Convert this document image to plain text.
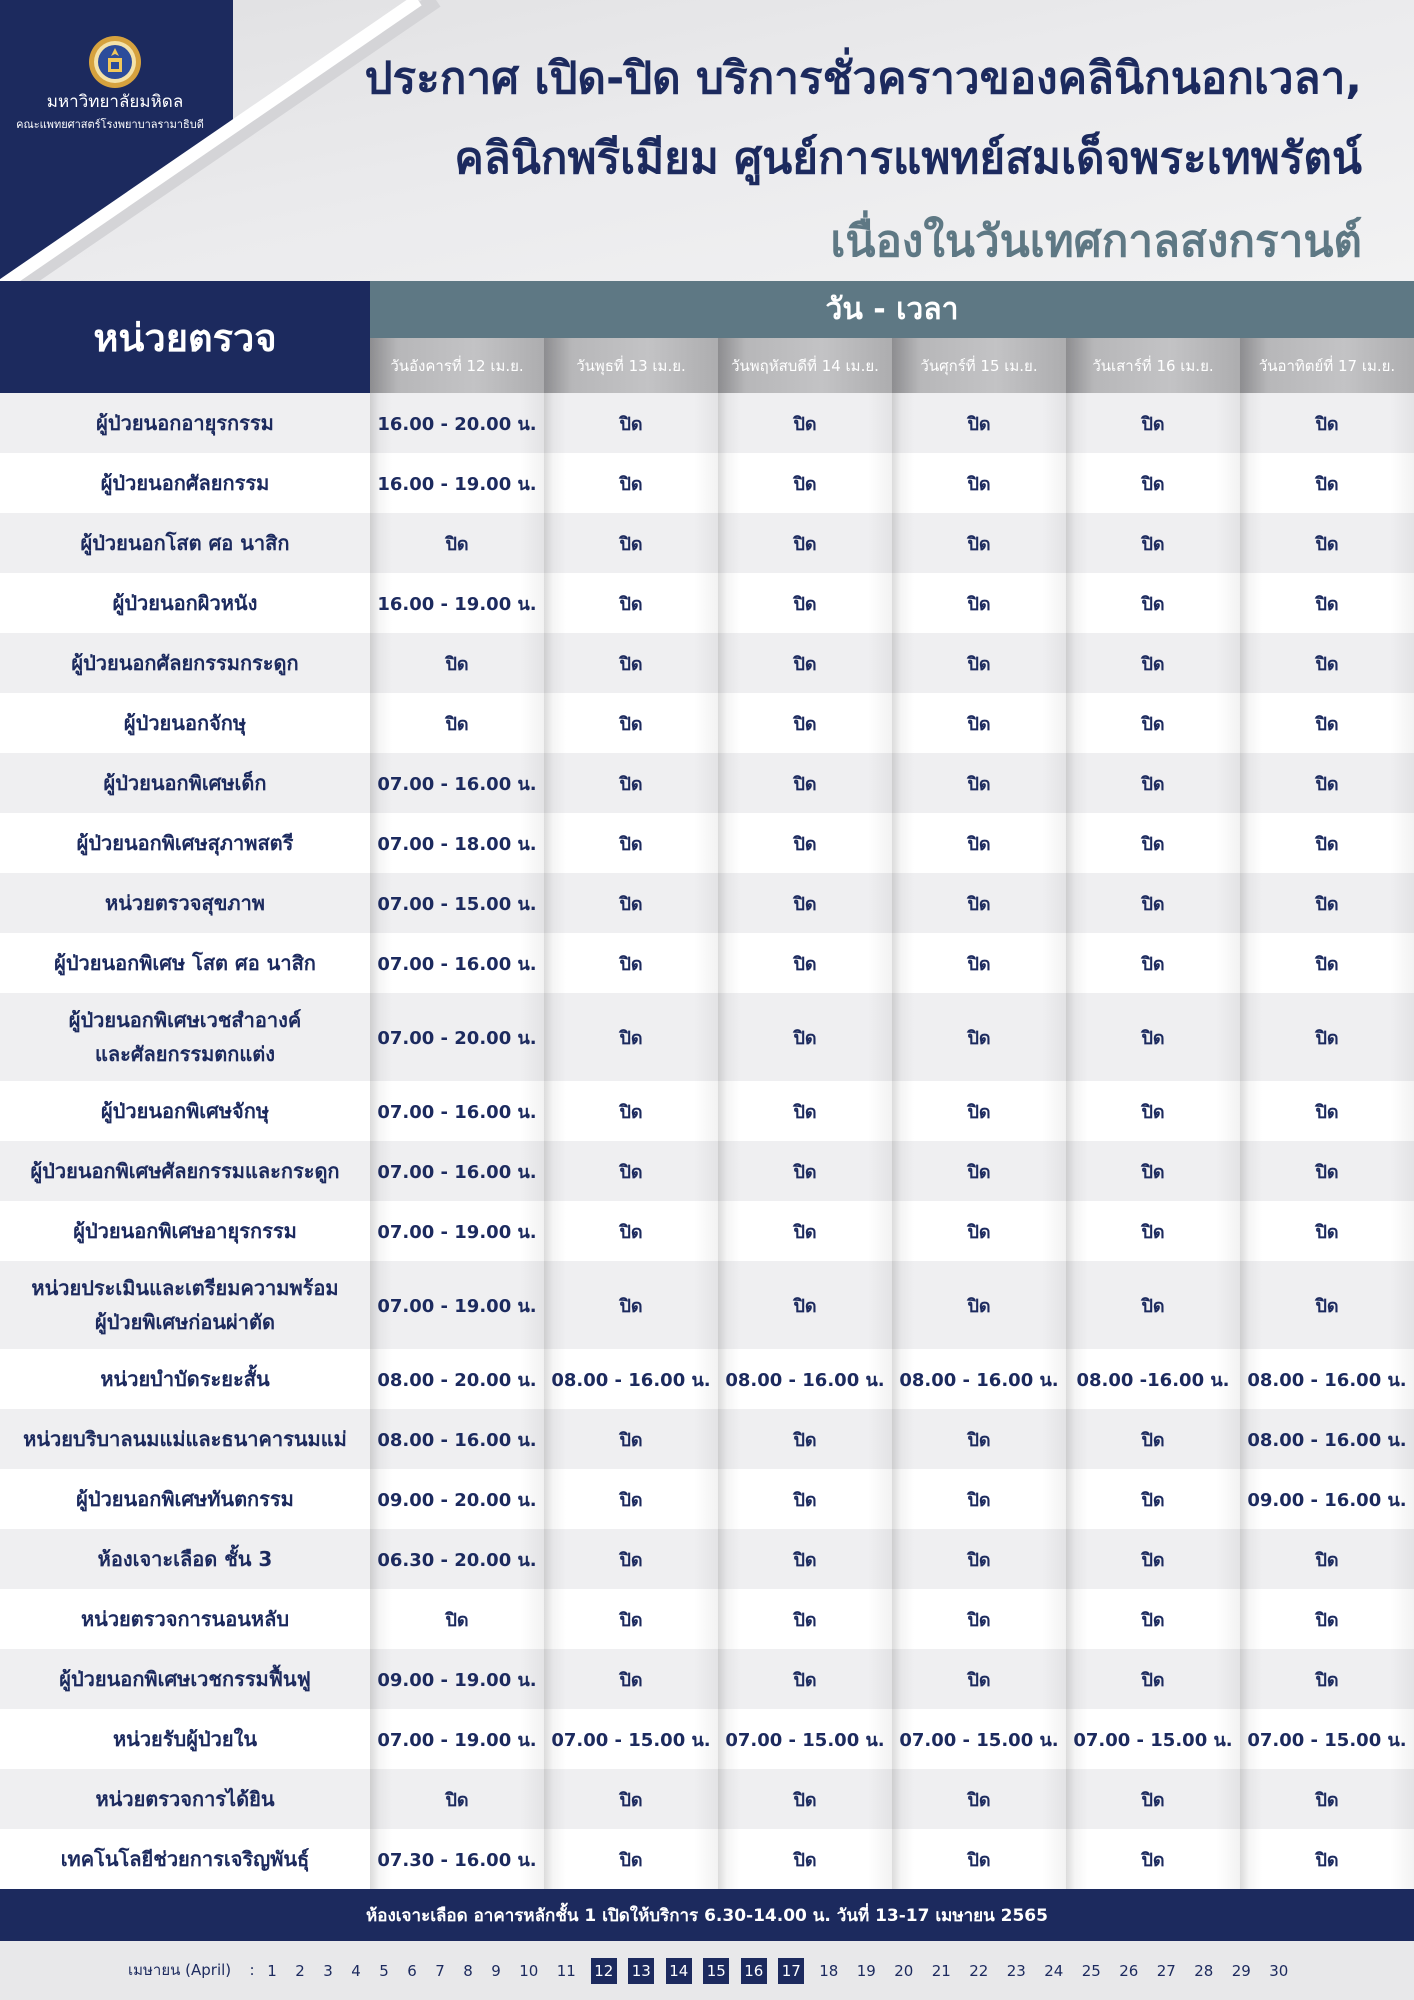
มหาวิทยาลัยมหิดล
คณะแพทยศาสตร์โรงพยาบาลรามาธิบดี
ประกาศ เปิด-ปิด บริการชั่วคราวของคลินิกนอกเวลา,
คลินิกพรีเมียม ศูนย์การแพทย์สมเด็จพระเทพรัตน์
เนื่องในวันเทศกาลสงกรานต์
หน่วยตรวจ
วัน - เวลา
วันอังคารที่ 12 เม.ย.	วันพุธที่ 13 เม.ย.	วันพฤหัสบดีที่ 14 เม.ย.	วันศุกร์ที่ 15 เม.ย.	วันเสาร์ที่ 16 เม.ย.	วันอาทิตย์ที่ 17 เม.ย.
ผู้ป่วยนอกอายุรกรรม	16.00 - 20.00 น.	ปิด	ปิด	ปิด	ปิด	ปิด
ผู้ป่วยนอกศัลยกรรม	16.00 - 19.00 น.	ปิด	ปิด	ปิด	ปิด	ปิด
ผู้ป่วยนอกโสต ศอ นาสิก	ปิด	ปิด	ปิด	ปิด	ปิด	ปิด
ผู้ป่วยนอกผิวหนัง	16.00 - 19.00 น.	ปิด	ปิด	ปิด	ปิด	ปิด
ผู้ป่วยนอกศัลยกรรมกระดูก	ปิด	ปิด	ปิด	ปิด	ปิด	ปิด
ผู้ป่วยนอกจักษุ	ปิด	ปิด	ปิด	ปิด	ปิด	ปิด
ผู้ป่วยนอกพิเศษเด็ก	07.00 - 16.00 น.	ปิด	ปิด	ปิด	ปิด	ปิด
ผู้ป่วยนอกพิเศษสุภาพสตรี	07.00 - 18.00 น.	ปิด	ปิด	ปิด	ปิด	ปิด
หน่วยตรวจสุขภาพ	07.00 - 15.00 น.	ปิด	ปิด	ปิด	ปิด	ปิด
ผู้ป่วยนอกพิเศษ โสต ศอ นาสิก	07.00 - 16.00 น.	ปิด	ปิด	ปิด	ปิด	ปิด
ผู้ป่วยนอกพิเศษเวชสำอางค์
และศัลยกรรมตกแต่ง
07.00 - 20.00 น.	ปิด	ปิด	ปิด	ปิด	ปิด
ผู้ป่วยนอกพิเศษจักษุ	07.00 - 16.00 น.	ปิด	ปิด	ปิด	ปิด	ปิด
ผู้ป่วยนอกพิเศษศัลยกรรมและกระดูก	07.00 - 16.00 น.	ปิด	ปิด	ปิด	ปิด	ปิด
ผู้ป่วยนอกพิเศษอายุรกรรม	07.00 - 19.00 น.	ปิด	ปิด	ปิด	ปิด	ปิด
หน่วยประเมินและเตรียมความพร้อม
ผู้ป่วยพิเศษก่อนผ่าตัด
07.00 - 19.00 น.	ปิด	ปิด	ปิด	ปิด	ปิด
หน่วยบำบัดระยะสั้น	08.00 - 20.00 น. 08.00 - 16.00 น. 08.00 - 16.00 น. 08.00 - 16.00 น. 08.00 -16.00 น. 08.00 - 16.00 น.
หน่วยบริบาลนมแม่และธนาคารนมแม่	08.00 - 16.00 น.	ปิด	ปิด	ปิด	ปิด	08.00 - 16.00 น.
ผู้ป่วยนอกพิเศษทันตกรรม	09.00 - 20.00 น.	ปิด	ปิด	ปิด	ปิด	09.00 - 16.00 น.
ห้องเจาะเลือด ชั้น 3	06.30 - 20.00 น.	ปิด	ปิด	ปิด	ปิด	ปิด
หน่วยตรวจการนอนหลับ	ปิด	ปิด	ปิด	ปิด	ปิด	ปิด
ผู้ป่วยนอกพิเศษเวชกรรมฟื้นฟู	09.00 - 19.00 น.	ปิด	ปิด	ปิด	ปิด	ปิด
หน่วยรับผู้ป่วยใน	07.00 - 19.00 น. 07.00 - 15.00 น. 07.00 - 15.00 น. 07.00 - 15.00 น. 07.00 - 15.00 น. 07.00 - 15.00 น.
หน่วยตรวจการได้ยิน	ปิด	ปิด	ปิด	ปิด	ปิด	ปิด
เทคโนโลยีช่วยการเจริญพันธุ์	07.30 - 16.00 น.	ปิด	ปิด	ปิด	ปิด	ปิด
ห้องเจาะเลือด อาคารหลักชั้น 1 เปิดให้บริการ 6.30-14.00 น. วันที่ 13-17 เมษายน 2565
เมษายน (April)	: 1	2	3	4	5	6	7	8	9	10 11 12 13 14 15 16 17 18 19 20 21 22 23 24 25 26 27 28 29 30
